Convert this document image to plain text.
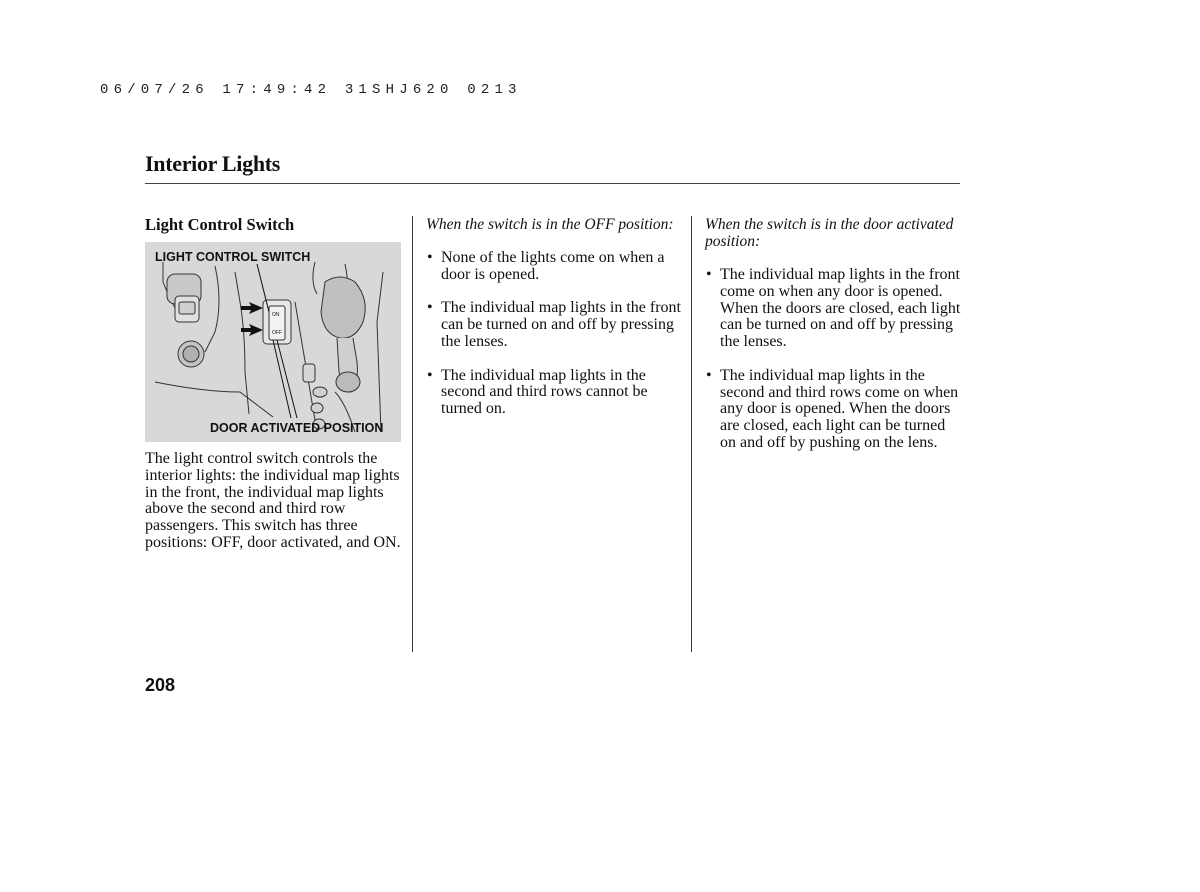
06/07/26 17:49:42 31SHJ620 0213
Interior Lights
Light Control Switch
ON
OFF
LIGHT CONTROL SWITCH
DOOR ACTIVATED POSITION

The light control switch controls the interior lights: the individual map lights in the front, the individual map lights above the second and third row passengers. This switch has three positions: OFF, door activated, and ON.

When the switch is in the OFF position:

• None of the lights come on when a door is opened.
• The individual map lights in the front can be turned on and off by pressing the lenses.
• The individual map lights in the second and third rows cannot be turned on.

When the switch is in the door activated position:

• The individual map lights in the front come on when any door is opened. When the doors are closed, each light can be turned on and off by pressing the lenses.
• The individual map lights in the second and third rows come on when any door is opened. When the doors are closed, each light can be turned on and off by pushing on the lens.

208
